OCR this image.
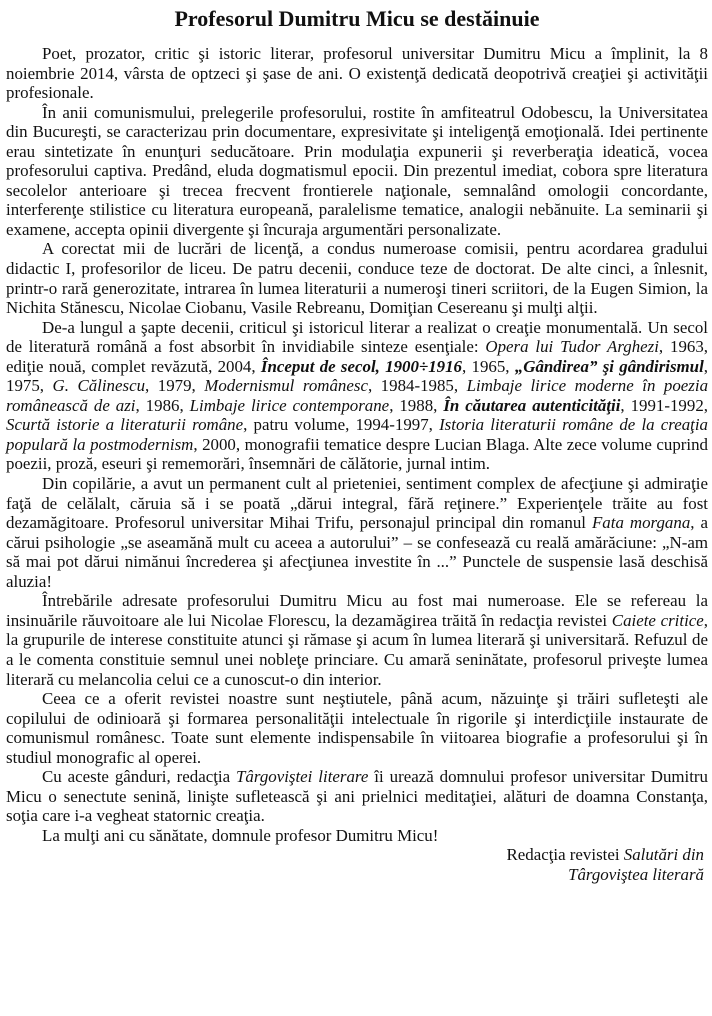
Profesorul Dumitru Micu se destăinuie

Poet, prozator, critic şi istoric literar, profesorul universitar Dumitru Micu a împlinit, la 8 noiembrie 2014, vârsta de optzeci şi şase de ani. O existenţă dedicată deopotrivă creaţiei şi activităţii profesionale.

În anii comunismului, prelegerile profesorului, rostite în amfiteatrul Odobescu, la Universitatea din Bucureşti, se caracterizau prin documentare, expresivitate şi inteligenţă emoţională. Idei pertinente erau sintetizate în enunţuri seducătoare. Prin modulaţia expunerii şi reverberaţia ideatică, vocea profesorului captiva. Predând, eluda dogmatismul epocii. Din prezentul imediat, cobora spre literatura secolelor anterioare şi trecea frecvent frontierele naţionale, semnalând omologii concordante, interferenţe stilistice cu literatura europeană, paralelisme tematice, analogii nebănuite. La seminarii şi examene, accepta opinii divergente şi încuraja argumentări personalizate.

A corectat mii de lucrări de licenţă, a condus numeroase comisii, pentru acordarea gradului didactic I, profesorilor de liceu. De patru decenii, conduce teze de doctorat. De alte cinci, a înlesnit, printr-o rară generozitate, intrarea în lumea literaturii a numeroşi tineri scriitori, de la Eugen Simion, la Nichita Stănescu, Nicolae Ciobanu, Vasile Rebreanu, Domiţian Cesereanu şi mulţi alţii.

De-a lungul a şapte decenii, criticul şi istoricul literar a realizat o creaţie monumentală. Un secol de literatură română a fost absorbit în invidiabile sinteze esenţiale: Opera lui Tudor Arghezi, 1963, ediţie nouă, complet revăzută, 2004, Început de secol, 1900÷1916, 1965, „Gândirea” şi gândirismul, 1975, G. Călinescu, 1979, Modernismul românesc, 1984-1985, Limbaje lirice moderne în poezia românească de azi, 1986, Limbaje lirice contemporane, 1988, În căutarea autenticităţii, 1991-1992, Scurtă istorie a literaturii române, patru volume, 1994-1997, Istoria literaturii române de la creaţia populară la postmodernism, 2000, monografii tematice despre Lucian Blaga. Alte zece volume cuprind poezii, proză, eseuri şi rememorări, însemnări de călătorie, jurnal intim.

Din copilărie, a avut un permanent cult al prieteniei, sentiment complex de afecţiune şi admiraţie faţă de celălalt, căruia să i se poată „dărui integral, fără reţinere.” Experienţele trăite au fost dezamăgitoare. Profesorul universitar Mihai Trifu, personajul principal din romanul Fata morgana, a cărui psihologie „se aseamănă mult cu aceea a autorului” – se confesează cu reală amărăciune: „N-am să mai pot dărui nimănui încrederea şi afecţiunea investite în ...” Punctele de suspensie lasă deschisă aluzia!

Întrebările adresate profesorului Dumitru Micu au fost mai numeroase. Ele se refereau la insinuările răuvoitoare ale lui Nicolae Florescu, la dezamăgirea trăită în redacţia revistei Caiete critice, la grupurile de interese constituite atunci şi rămase şi acum în lumea literară şi universitară. Refuzul de a le comenta constituie semnul unei nobleţe princiare. Cu amară seninătate, profesorul priveşte lumea literară cu melancolia celui ce a cunoscut-o din interior.

Ceea ce a oferit revistei noastre sunt neştiutele, până acum, năzuinţe şi trăiri sufleteşti ale copilului de odinioară şi formarea personalităţii intelectuale în rigorile şi interdicţiile instaurate de comunismul românesc. Toate sunt elemente indispensabile în viitoarea biografie a profesorului şi în studiul monografic al operei.

Cu aceste gânduri, redacţia Târgoviştei literare îi urează domnului profesor universitar Dumitru Micu o senectute senină, linişte sufletească şi ani prielnici meditaţiei, alături de doamna Constanţa, soţia care i-a vegheat statornic creaţia.

La mulţi ani cu sănătate, domnule profesor Dumitru Micu!

Redacţia revistei Salutări din
Târgoviştea literară
